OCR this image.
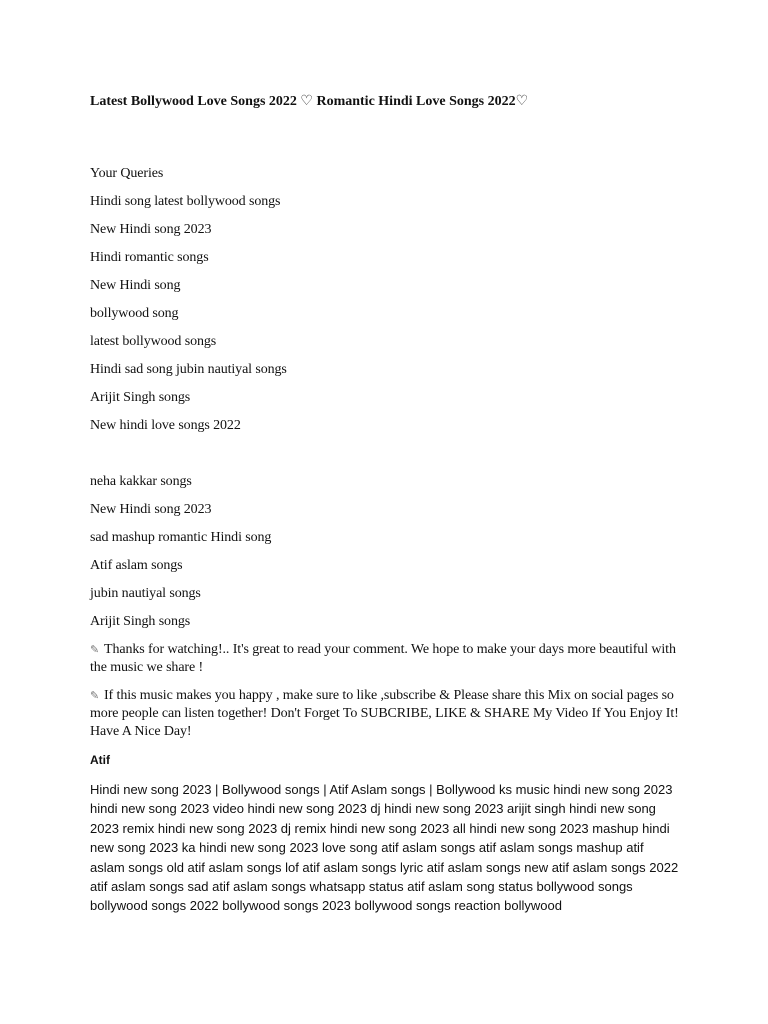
Latest Bollywood Love Songs 2022 ♡ Romantic Hindi Love Songs 2022♡
Your Queries
Hindi song latest bollywood songs
New Hindi song 2023
Hindi romantic songs
New Hindi song
bollywood song
latest bollywood songs
Hindi sad song jubin nautiyal songs
Arijit Singh songs
New hindi love songs 2022
neha kakkar songs
New Hindi song 2023
sad mashup romantic Hindi song
Atif aslam songs
jubin nautiyal songs
Arijit Singh songs
✎ Thanks for watching!.. It's great to read your comment. We hope to make your days more beautiful with the music we share !
✎ If this music makes you happy , make sure to like ,subscribe & Please share this Mix on social pages so more people can listen together! Don't Forget To SUBCRIBE, LIKE & SHARE My Video If You Enjoy It! Have A Nice Day!
Atif
Hindi new song 2023 | Bollywood songs | Atif Aslam songs | Bollywood ks music hindi new song 2023 hindi new song 2023 video hindi new song 2023 dj hindi new song 2023 arijit singh hindi new song 2023 remix hindi new song 2023 dj remix hindi new song 2023 all hindi new song 2023 mashup hindi new song 2023 ka hindi new song 2023 love song atif aslam songs atif aslam songs mashup atif aslam songs old atif aslam songs lof atif aslam songs lyric atif aslam songs new atif aslam songs 2022 atif aslam songs sad atif aslam songs whatsapp status atif aslam song status bollywood songs bollywood songs 2022 bollywood songs 2023 bollywood songs reaction bollywood
